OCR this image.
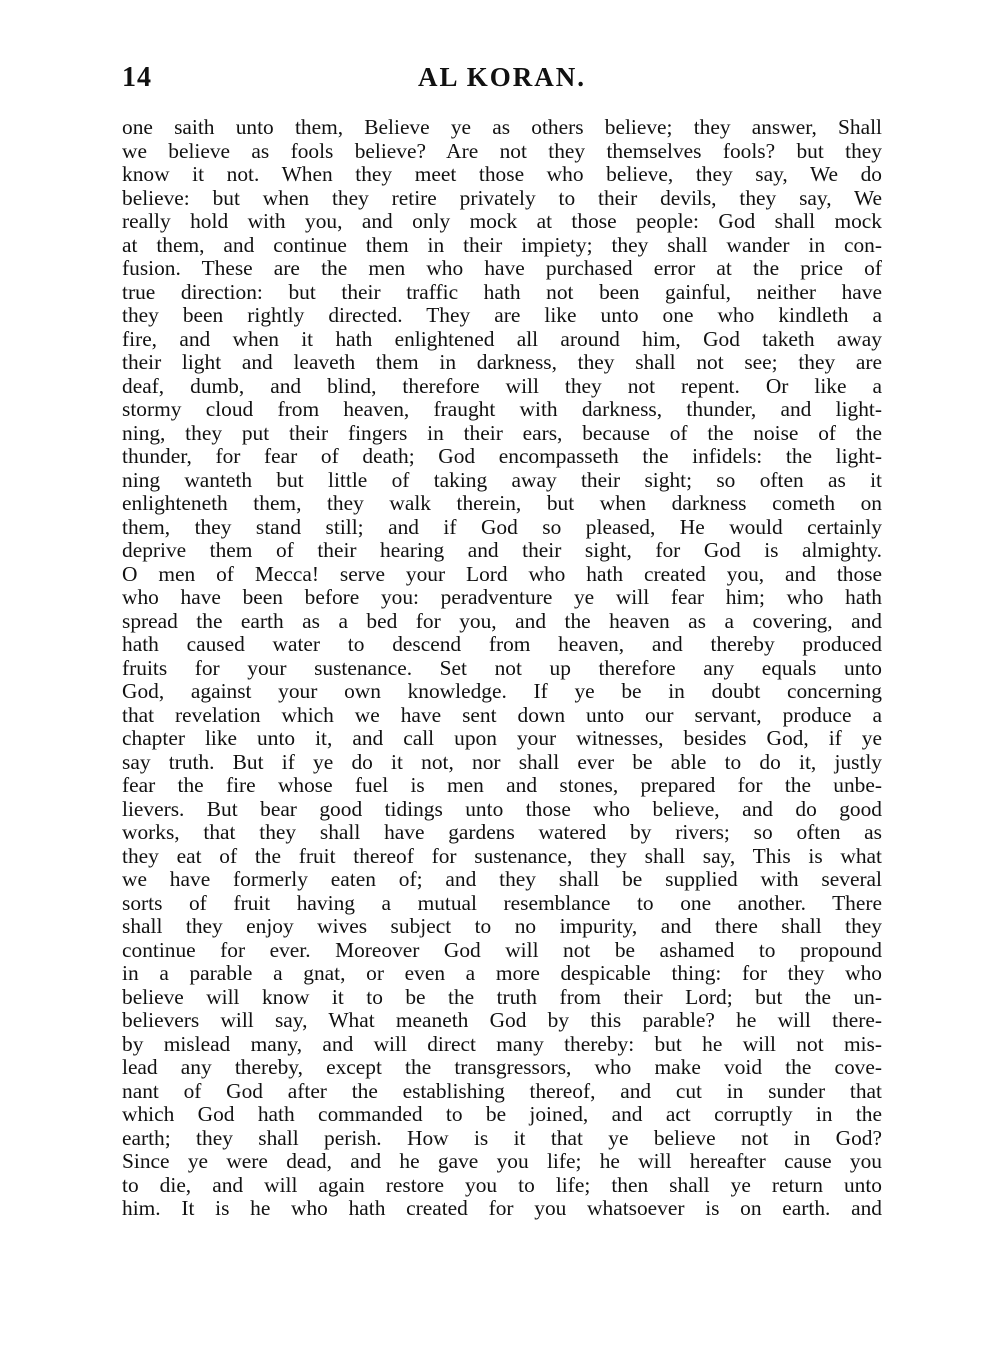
14	AL KORAN.
one saith unto them, Believe ye as others believe; they answer, Shall
we believe as fools believe? Are not they themselves fools? but they
know it not. When they meet those who believe, they say, We do
believe: but when they retire privately to their devils, they say, We
really hold with you, and only mock at those people: God shall mock
at them, and continue them in their impiety; they shall wander in con-
fusion. These are the men who have purchased error at the price of
true direction: but their traffic hath not been gainful, neither have
they been rightly directed. They are like unto one who kindleth a
fire, and when it hath enlightened all around him, God taketh away
their light and leaveth them in darkness, they shall not see; they are
deaf, dumb, and blind, therefore will they not repent. Or like a
stormy cloud from heaven, fraught with darkness, thunder, and light-
ning, they put their fingers in their ears, because of the noise of the
thunder, for fear of death; God encompasseth the infidels: the light-
ning wanteth but little of taking away their sight; so often as it
enlighteneth them, they walk therein, but when darkness cometh on
them, they stand still; and if God so pleased, He would certainly
deprive them of their hearing and their sight, for God is almighty.
O men of Mecca! serve your Lord who hath created you, and those
who have been before you: peradventure ye will fear him; who hath
spread the earth as a bed for you, and the heaven as a covering, and
hath caused water to descend from heaven, and thereby produced
fruits for your sustenance. Set not up therefore any equals unto
God, against your own knowledge. If ye be in doubt concerning
that revelation which we have sent down unto our servant, produce a
chapter like unto it, and call upon your witnesses, besides God, if ye
say truth. But if ye do it not, nor shall ever be able to do it, justly
fear the fire whose fuel is men and stones, prepared for the unbe-
lievers. But bear good tidings unto those who believe, and do good
works, that they shall have gardens watered by rivers; so often as
they eat of the fruit thereof for sustenance, they shall say, This is what
we have formerly eaten of; and they shall be supplied with several
sorts of fruit having a mutual resemblance to one another. There
shall they enjoy wives subject to no impurity, and there shall they
continue for ever. Moreover God will not be ashamed to propound
in a parable a gnat, or even a more despicable thing: for they who
believe will know it to be the truth from their Lord; but the un-
believers will say, What meaneth God by this parable? he will there-
by mislead many, and will direct many thereby: but he will not mis-
lead any thereby, except the transgressors, who make void the cove-
nant of God after the establishing thereof, and cut in sunder that
which God hath commanded to be joined, and act corruptly in the
earth; they shall perish. How is it that ye believe not in God?
Since ye were dead, and he gave you life; he will hereafter cause you
to die, and will again restore you to life; then shall ye return unto
him. It is he who hath created for you whatsoever is on earth. and
